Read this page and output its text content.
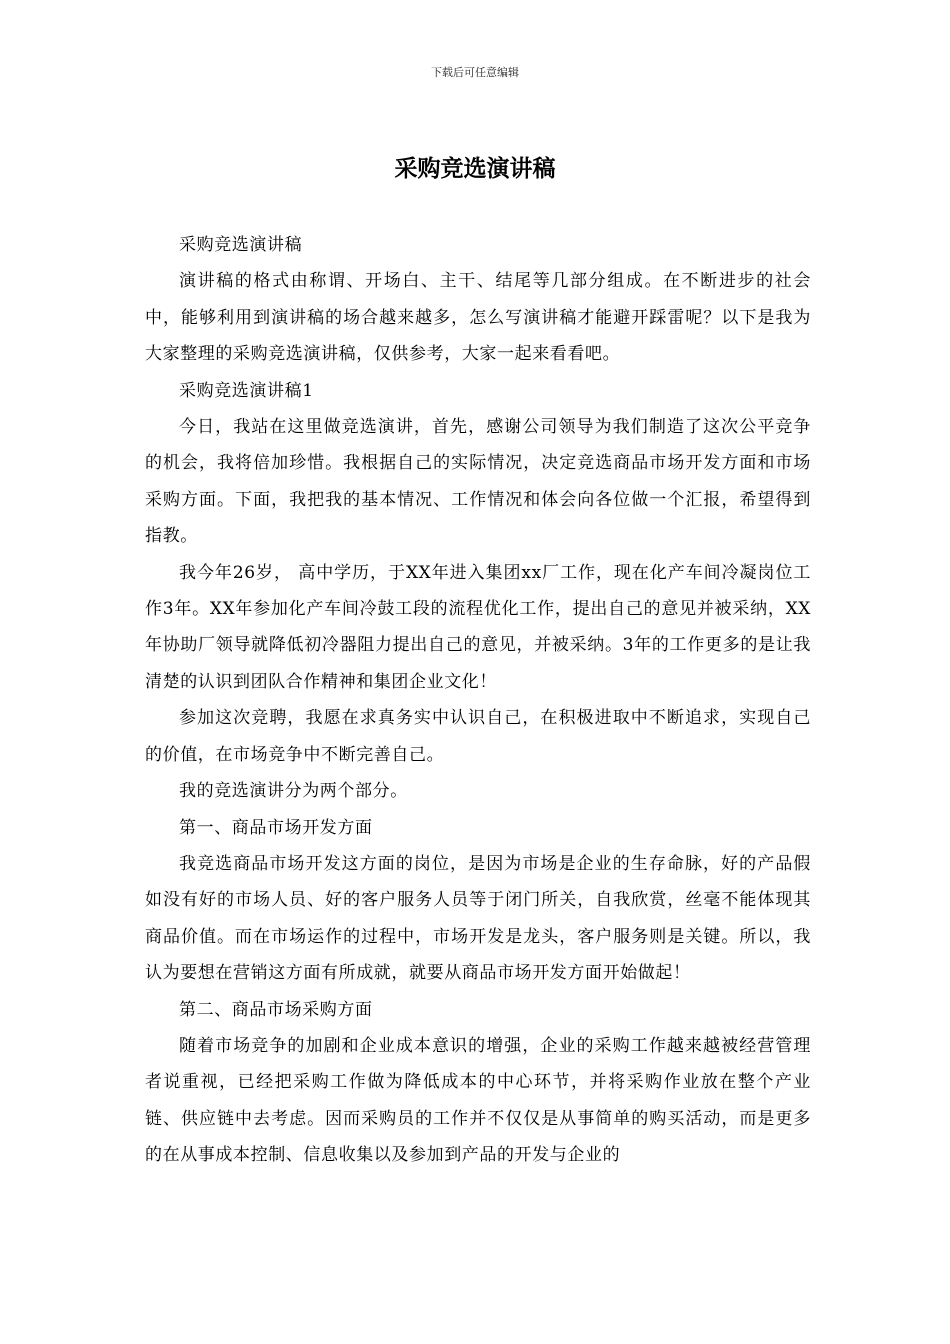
下载后可任意编辑
采购竞选演讲稿

采购竞选演讲稿

演讲稿的格式由称谓、开场白、主干、结尾等几部分组成。在不断进步的社会中，能够利用到演讲稿的场合越来越多，怎么写演讲稿才能避开踩雷呢？以下是我为大家整理的采购竞选演讲稿，仅供参考，大家一起来看看吧。

采购竞选演讲稿1

今日，我站在这里做竞选演讲，首先，感谢公司领导为我们制造了这次公平竞争的机会，我将倍加珍惜。我根据自己的实际情况，决定竞选商品市场开发方面和市场采购方面。下面，我把我的基本情况、工作情况和体会向各位做一个汇报，希望得到指教。

我今年26岁， 高中学历，于XX年进入集团xx厂工作，现在化产车间冷凝岗位工作3年。XX年参加化产车间冷鼓工段的流程优化工作，提出自己的意见并被采纳，XX年协助厂领导就降低初冷器阻力提出自己的意见，并被采纳。3年的工作更多的是让我清楚的认识到团队合作精神和集团企业文化！

参加这次竞聘，我愿在求真务实中认识自己，在积极进取中不断追求，实现自己的价值，在市场竞争中不断完善自己。

我的竞选演讲分为两个部分。

第一、商品市场开发方面

我竞选商品市场开发这方面的岗位，是因为市场是企业的生存命脉，好的产品假如没有好的市场人员、好的客户服务人员等于闭门所关，自我欣赏，丝毫不能体现其商品价值。而在市场运作的过程中，市场开发是龙头，客户服务则是关键。所以，我认为要想在营销这方面有所成就，就要从商品市场开发方面开始做起！

第二、商品市场采购方面

随着市场竞争的加剧和企业成本意识的增强，企业的采购工作越来越被经营管理者说重视，已经把采购工作做为降低成本的中心环节，并将采购作业放在整个产业链、供应链中去考虑。因而采购员的工作并不仅仅是从事简单的购买活动，而是更多的在从事成本控制、信息收集以及参加到产品的开发与企业的
